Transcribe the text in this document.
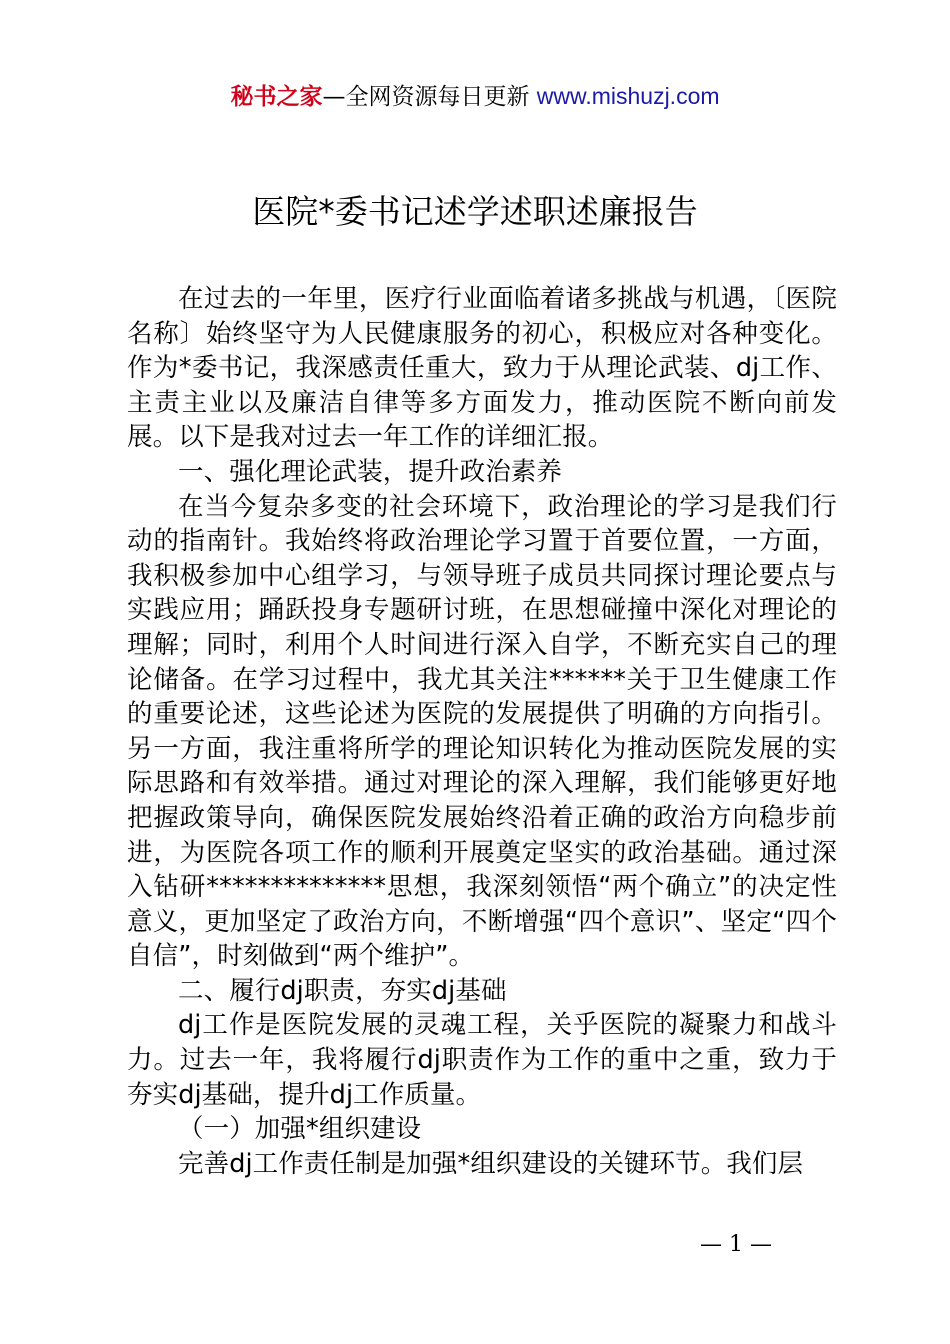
秘书之家—全网资源每日更新 www.mishuzj.com
医院*委书记述学述职述廉报告

在过去的一年里，医疗行业面临着诸多挑战与机遇，〔医院名称〕始终坚守为人民健康服务的初心，积极应对各种变化。作为*委书记，我深感责任重大，致力于从理论武装、dj工作、主责主业以及廉洁自律等多方面发力，推动医院不断向前发展。以下是我对过去一年工作的详细汇报。

一、强化理论武装，提升政治素养

在当今复杂多变的社会环境下，政治理论的学习是我们行动的指南针。我始终将政治理论学习置于首要位置，一方面，我积极参加中心组学习，与领导班子成员共同探讨理论要点与实践应用；踊跃投身专题研讨班，在思想碰撞中深化对理论的理解；同时，利用个人时间进行深入自学，不断充实自己的理论储备。在学习过程中，我尤其关注******关于卫生健康工作的重要论述，这些论述为医院的发展提供了明确的方向指引。另一方面，我注重将所学的理论知识转化为推动医院发展的实际思路和有效举措。通过对理论的深入理解，我们能够更好地把握政策导向，确保医院发展始终沿着正确的政治方向稳步前进，为医院各项工作的顺利开展奠定坚实的政治基础。通过深入钻研**************思想，我深刻领悟“两个确立”的决定性意义，更加坚定了政治方向，不断增强“四个意识”、坚定“四个自信”，时刻做到“两个维护”。

二、履行dj职责，夯实dj基础

dj工作是医院发展的灵魂工程，关乎医院的凝聚力和战斗力。过去一年，我将履行dj职责作为工作的重中之重，致力于夯实dj基础，提升dj工作质量。

（一）加强*组织建设

完善dj工作责任制是加强*组织建设的关键环节。我们层

— 1 —
